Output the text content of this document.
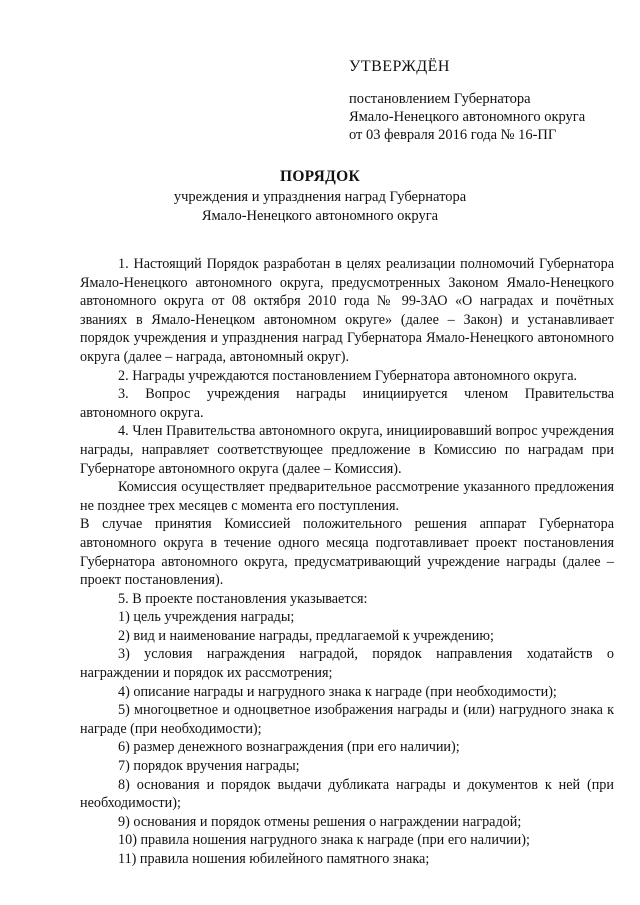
УТВЕРЖДЁН
постановлением Губернатора
Ямало-Ненецкого автономного округа
от 03 февраля 2016 года № 16-ПГ
ПОРЯДОК
учреждения и упразднения наград Губернатора
Ямало-Ненецкого автономного округа

1. Настоящий Порядок разработан в целях реализации полномочий Губернатора Ямало-Ненецкого автономного округа, предусмотренных Законом Ямало-Ненецкого автономного округа от 08 октября 2010 года № 99-ЗАО «О наградах и почётных званиях в Ямало-Ненецком автономном округе» (далее – Закон) и устанавливает порядок учреждения и упразднения наград Губернатора Ямало-Ненецкого автономного округа (далее – награда, автономный округ).

2. Награды учреждаются постановлением Губернатора автономного округа.

3. Вопрос учреждения награды инициируется членом Правительства автономного округа.

4. Член Правительства автономного округа, инициировавший вопрос учреждения награды, направляет соответствующее предложение в Комиссию по наградам при Губернаторе автономного округа (далее – Комиссия).

Комиссия осуществляет предварительное рассмотрение указанного предложения не позднее трех месяцев с момента его поступления.

В случае принятия Комиссией положительного решения аппарат Губернатора автономного округа в течение одного месяца подготавливает проект постановления Губернатора автономного округа, предусматривающий учреждение награды (далее – проект постановления).

5. В проекте постановления указывается:

1) цель учреждения награды;

2) вид и наименование награды, предлагаемой к учреждению;

3) условия награждения наградой, порядок направления ходатайств о награждении и порядок их рассмотрения;

4) описание награды и нагрудного знака к награде (при необходимости);

5) многоцветное и одноцветное изображения награды и (или) нагрудного знака к награде (при необходимости);

6) размер денежного вознаграждения (при его наличии);

7) порядок вручения награды;

8) основания и порядок выдачи дубликата награды и документов к ней (при необходимости);

9) основания и порядок отмены решения о награждении наградой;

10) правила ношения нагрудного знака к награде (при его наличии);

11) правила ношения юбилейного памятного знака;
